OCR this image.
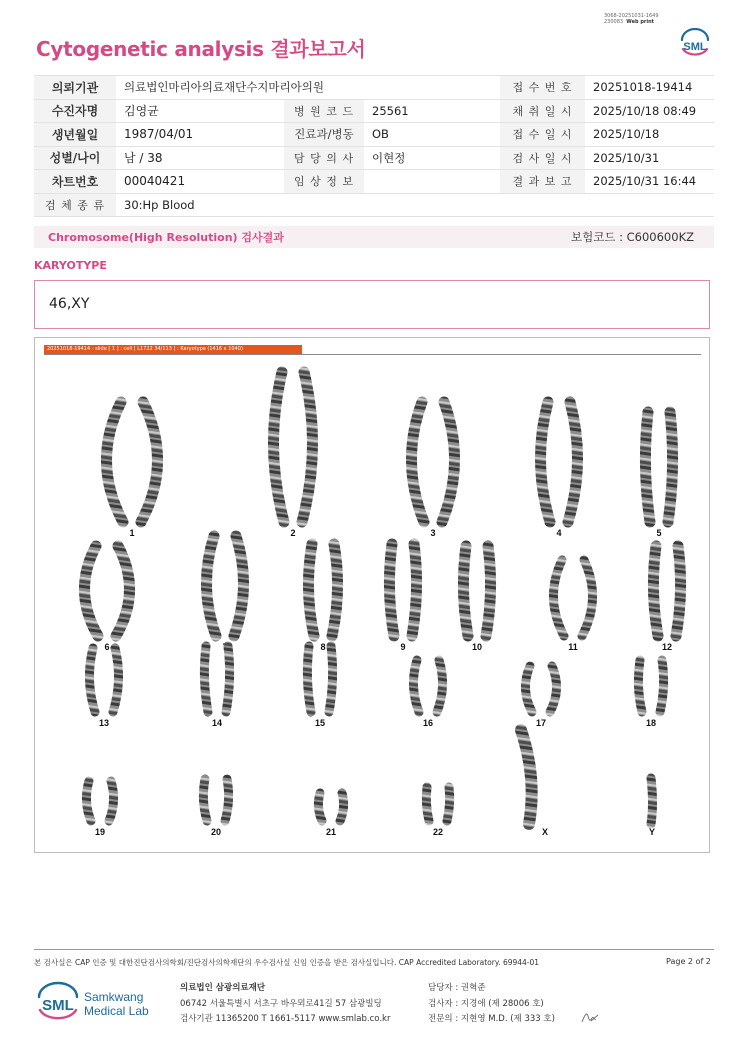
3068-20251031-1649
230083 Web print
Cytogenetic analysis 결과보고서	SML
의뢰기관	의료법인마리아의료재단수지마리아의원			접 수 번 호	20251018-19414
수진자명	김영균	병 원 코 드	25561	채 취 일 시	2025/10/18 08:49
생년월일	1987/04/01	진료과/병동	OB	접 수 일 시	2025/10/18
성별/나이	남 / 38	담 당 의 사	이현정	검 사 일 시	2025/10/31
차트번호	00040421	임 상 정 보		결 과 보 고	2025/10/31 16:44
검 체 종 류	30:Hp Blood				
Chromosome(High Resolution) 검사결과	보험코드 : C600600KZ
KARYOTYPE
46,XY
20251018-19414 - slide [ 1 ] : cell [ L1722 34/113 ] : Karyotype (1416 x 1040)
1	2	3	4	5
6	7	8	9	10	11	12
13	14	15	16	17	18
19	20	21	22	X	Y
본 검사실은 CAP 인증 및 대한진단검사의학회/진단검사의학재단의 우수검사실 신임 인증을 받은 검사실입니다. CAP Accredited Laboratory. 69944-01	Page 2 of 2
SML Samkwang
Medical Lab
의료법인 삼광의료재단
06742 서울특별시 서초구 바우뫼로41길 57 삼광빌딩
검사기관 11365200 T 1661-5117 www.smlab.co.kr
담당자 : 권혁준
검사자 : 지경애 (제 28006 호)
전문의 : 지현영 M.D. (제 333 호)
